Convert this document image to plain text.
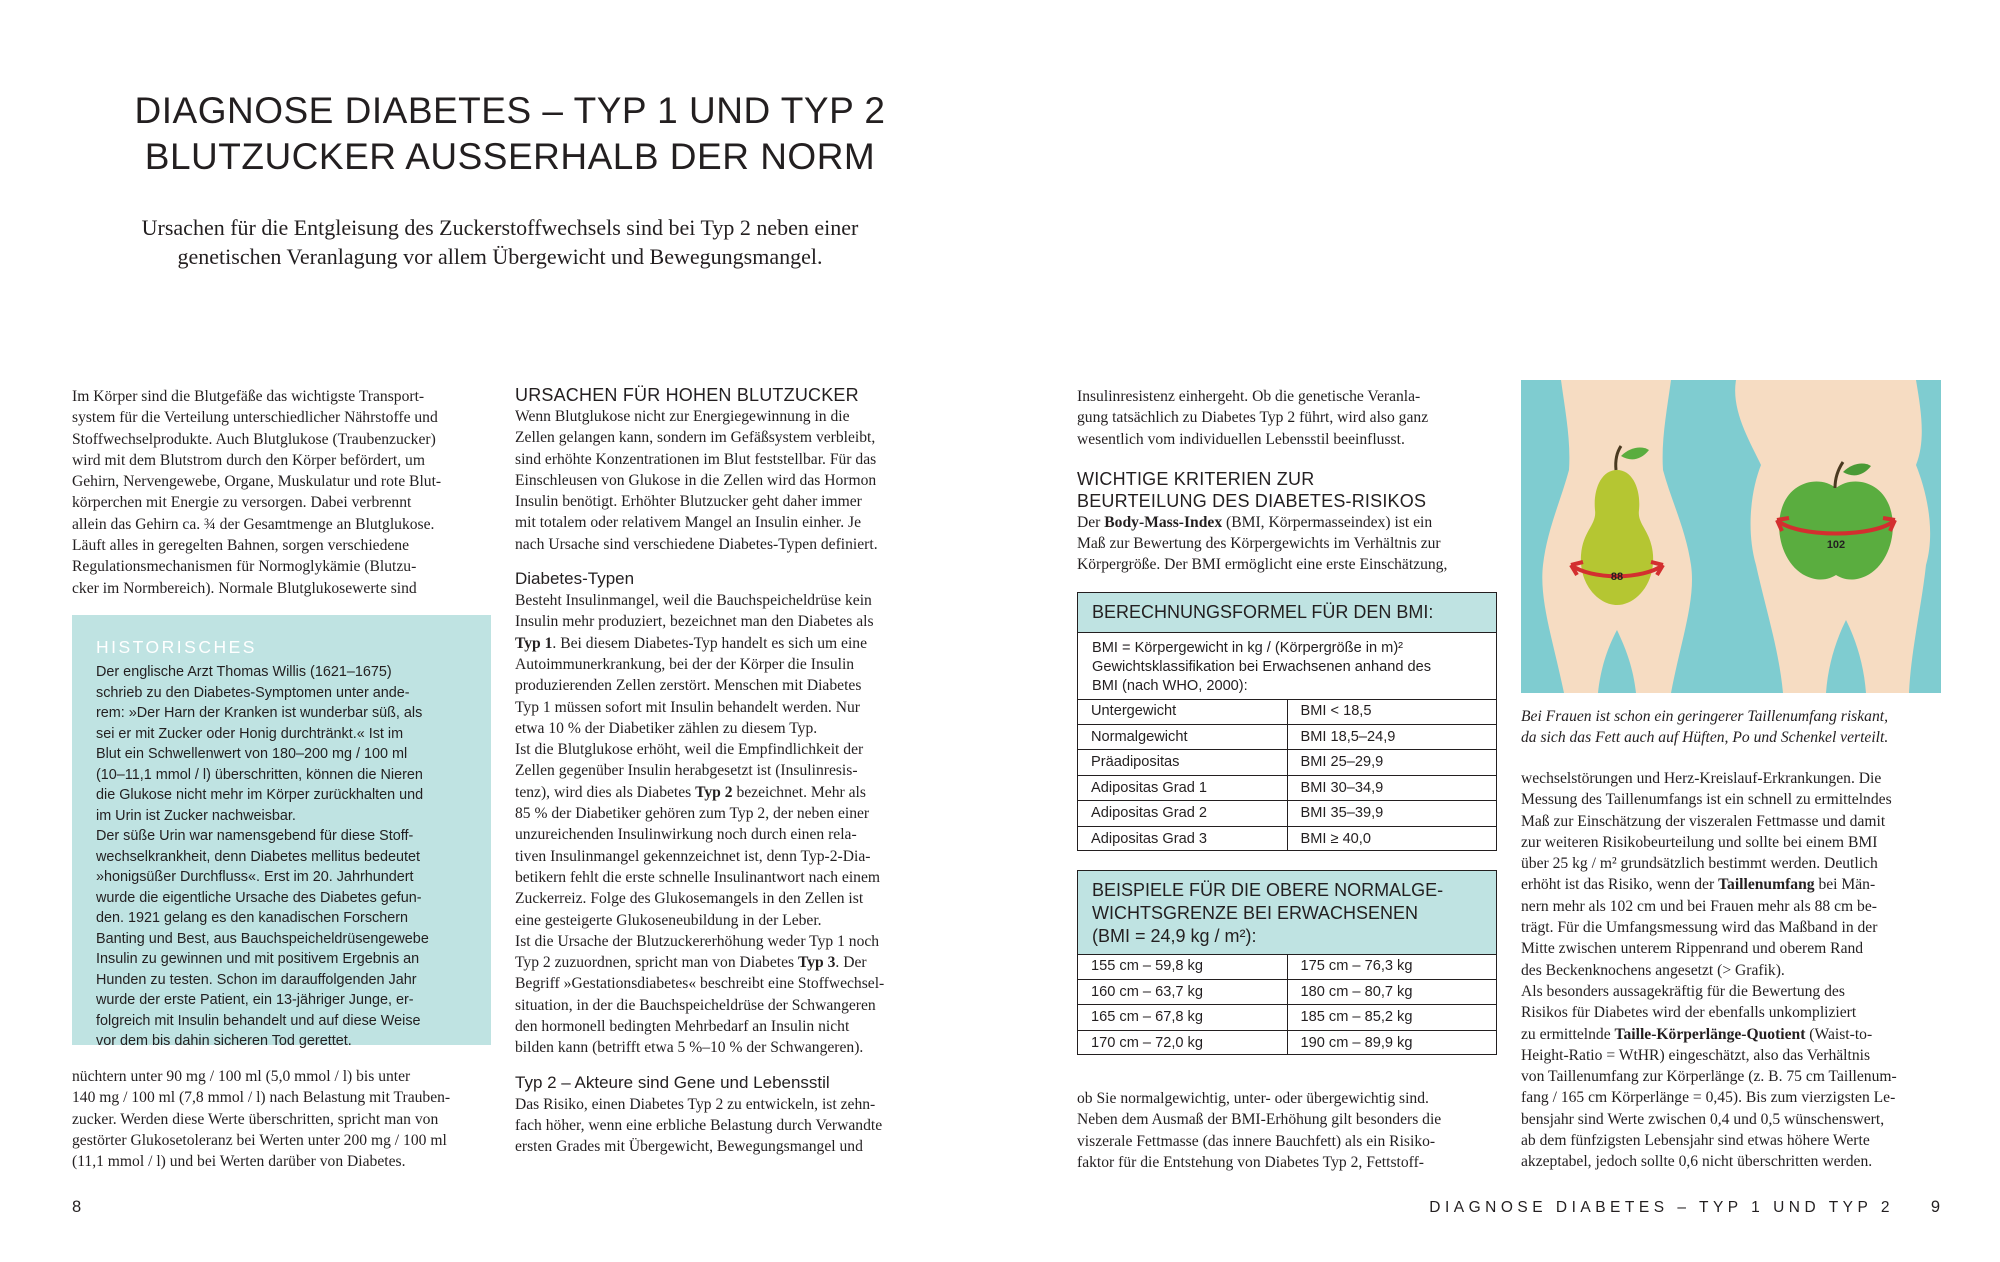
DIAGNOSE DIABETES – TYP 1 UND TYP 2
BLUTZUCKER AUSSERHALB DER NORM
Ursachen für die Entgleisung des Zuckerstoffwechsels sind bei Typ 2 neben einer
genetischen Veranlagung vor allem Übergewicht und Bewegungsmangel.
Im Körper sind die Blutgefäße das wichtigste Transport-
system für die Verteilung unterschiedlicher Nährstoffe und
Stoffwechselprodukte. Auch Blutglukose (Traubenzucker)
wird mit dem Blutstrom durch den Körper befördert, um
Gehirn, Nervengewebe, Organe, Muskulatur und rote Blut-
körperchen mit Energie zu versorgen. Dabei verbrennt
allein das Gehirn ca. ¾ der Gesamtmenge an Blutglukose.
Läuft alles in geregelten Bahnen, sorgen verschiedene
Regulationsmechanismen für Normoglykämie (Blutzu-
cker im Normbereich). Normale Blutglukosewerte sind

HISTORISCHES

Der englische Arzt Thomas Willis (1621–1675)
schrieb zu den Diabetes-Symptomen unter ande-
rem: »Der Harn der Kranken ist wunderbar süß, als
sei er mit Zucker oder Honig durchtränkt.« Ist im
Blut ein Schwellenwert von 180–200 mg / 100 ml
(10–11,1 mmol / l) überschritten, können die Nieren
die Glukose nicht mehr im Körper zurückhalten und
im Urin ist Zucker nachweisbar.
Der süße Urin war namensgebend für diese Stoff-
wechselkrankheit, denn Diabetes mellitus bedeutet
»honigsüßer Durchfluss«. Erst im 20. Jahrhundert
wurde die eigentliche Ursache des Diabetes gefun-
den. 1921 gelang es den kanadischen Forschern
Banting und Best, aus Bauchspeicheldrüsengewebe
Insulin zu gewinnen und mit positivem Ergebnis an
Hunden zu testen. Schon im darauffolgenden Jahr
wurde der erste Patient, ein 13-jähriger Junge, er-
folgreich mit Insulin behandelt und auf diese Weise
vor dem bis dahin sicheren Tod gerettet.
nüchtern unter 90 mg / 100 ml (5,0 mmol / l) bis unter
140 mg / 100 ml (7,8 mmol / l) nach Belastung mit Trauben-
zucker. Werden diese Werte überschritten, spricht man von
gestörter Glukosetoleranz bei Werten unter 200 mg / 100 ml
(11,1 mmol / l) und bei Werten darüber von Diabetes.

URSACHEN FÜR HOHEN BLUTZUCKER

Wenn Blutglukose nicht zur Energiegewinnung in die
Zellen gelangen kann, sondern im Gefäßsystem verbleibt,
sind erhöhte Konzentrationen im Blut feststellbar. Für das
Einschleusen von Glukose in die Zellen wird das Hormon
Insulin benötigt. Erhöhter Blutzucker geht daher immer
mit totalem oder relativem Mangel an Insulin einher. Je
nach Ursache sind verschiedene Diabetes-Typen definiert.

Diabetes-Typen

Besteht Insulinmangel, weil die Bauchspeicheldrüse kein
Insulin mehr produziert, bezeichnet man den Diabetes als
Typ 1. Bei diesem Diabetes-Typ handelt es sich um eine
Autoimmunerkrankung, bei der der Körper die Insulin
produzierenden Zellen zerstört. Menschen mit Diabetes
Typ 1 müssen sofort mit Insulin behandelt werden. Nur
etwa 10 % der Diabetiker zählen zu diesem Typ.
Ist die Blutglukose erhöht, weil die Empfindlichkeit der
Zellen gegenüber Insulin herabgesetzt ist (Insulinresis-
tenz), wird dies als Diabetes Typ 2 bezeichnet. Mehr als
85 % der Diabetiker gehören zum Typ 2, der neben einer
unzureichenden Insulinwirkung noch durch einen rela-
tiven Insulinmangel gekennzeichnet ist, denn Typ-2-Dia-
betikern fehlt die erste schnelle Insulinantwort nach einem
Zuckerreiz. Folge des Glukosemangels in den Zellen ist
eine gesteigerte Glukoseneubildung in der Leber.
Ist die Ursache der Blutzuckererhöhung weder Typ 1 noch
Typ 2 zuzuordnen, spricht man von Diabetes Typ 3. Der
Begriff »Gestationsdiabetes« beschreibt eine Stoffwechsel-
situation, in der die Bauchspeicheldrüse der Schwangeren
den hormonell bedingten Mehrbedarf an Insulin nicht
bilden kann (betrifft etwa 5 %–10 % der Schwangeren).

Typ 2 – Akteure sind Gene und Lebensstil

Das Risiko, einen Diabetes Typ 2 zu entwickeln, ist zehn-
fach höher, wenn eine erbliche Belastung durch Verwandte
ersten Grades mit Übergewicht, Bewegungsmangel und
Insulinresistenz einhergeht. Ob die genetische Veranla-
gung tatsächlich zu Diabetes Typ 2 führt, wird also ganz
wesentlich vom individuellen Lebensstil beeinflusst.

WICHTIGE KRITERIEN ZUR

BEURTEILUNG DES DIABETES-RISIKOS

Der Body-Mass-Index (BMI, Körpermasseindex) ist ein
Maß zur Bewertung des Körpergewichts im Verhältnis zur
Körpergröße. Der BMI ermöglicht eine erste Einschätzung,
BERECHNUNGSFORMEL FÜR DEN BMI:
BMI = Körpergewicht in kg / (Körpergröße in m)²
Gewichtsklassifikation bei Erwachsenen anhand des
BMI (nach WHO, 2000):
Untergewicht	BMI < 18,5
Normalgewicht	BMI 18,5–24,9
Präadipositas	BMI 25–29,9
Adipositas Grad 1	BMI 30–34,9
Adipositas Grad 2	BMI 35–39,9
Adipositas Grad 3	BMI ≥ 40,0
BEISPIELE FÜR DIE OBERE NORMALGE-
WICHTSGRENZE BEI ERWACHSENEN
(BMI = 24,9 kg / m²):
155 cm – 59,8 kg	175 cm – 76,3 kg
160 cm – 63,7 kg	180 cm – 80,7 kg
165 cm – 67,8 kg	185 cm – 85,2 kg
170 cm – 72,0 kg	190 cm – 89,9 kg
ob Sie normalgewichtig, unter- oder übergewichtig sind.
Neben dem Ausmaß der BMI-Erhöhung gilt besonders die
viszerale Fettmasse (das innere Bauchfett) als ein Risiko-
faktor für die Entstehung von Diabetes Typ 2, Fettstoff-
88
102
Bei Frauen ist schon ein geringerer Taillenumfang riskant,
da sich das Fett auch auf Hüften, Po und Schenkel verteilt.
wechselstörungen und Herz-Kreislauf-Erkrankungen. Die
Messung des Taillenumfangs ist ein schnell zu ermittelndes
Maß zur Einschätzung der viszeralen Fettmasse und damit
zur weiteren Risikobeurteilung und sollte bei einem BMI
über 25 kg / m² grundsätzlich bestimmt werden. Deutlich
erhöht ist das Risiko, wenn der Taillenumfang bei Män-
nern mehr als 102 cm und bei Frauen mehr als 88 cm be-
trägt. Für die Umfangsmessung wird das Maßband in der
Mitte zwischen unterem Rippenrand und oberem Rand
des Beckenknochens angesetzt (> Grafik).
Als besonders aussagekräftig für die Bewertung des
Risikos für Diabetes wird der ebenfalls unkompliziert
zu ermittelnde Taille-Körperlänge-Quotient (Waist-to-
Height-Ratio = WtHR) eingeschätzt, also das Verhältnis
von Taillenumfang zur Körperlänge (z. B. 75 cm Taillenum-
fang / 165 cm Körperlänge = 0,45). Bis zum vierzigsten Le-
bensjahr sind Werte zwischen 0,4 und 0,5 wünschenswert,
ab dem fünfzigsten Lebensjahr sind etwas höhere Werte
akzeptabel, jedoch sollte 0,6 nicht überschritten werden.
8	DIAGNOSE DIABETES – TYP 1 UND TYP 2 9
